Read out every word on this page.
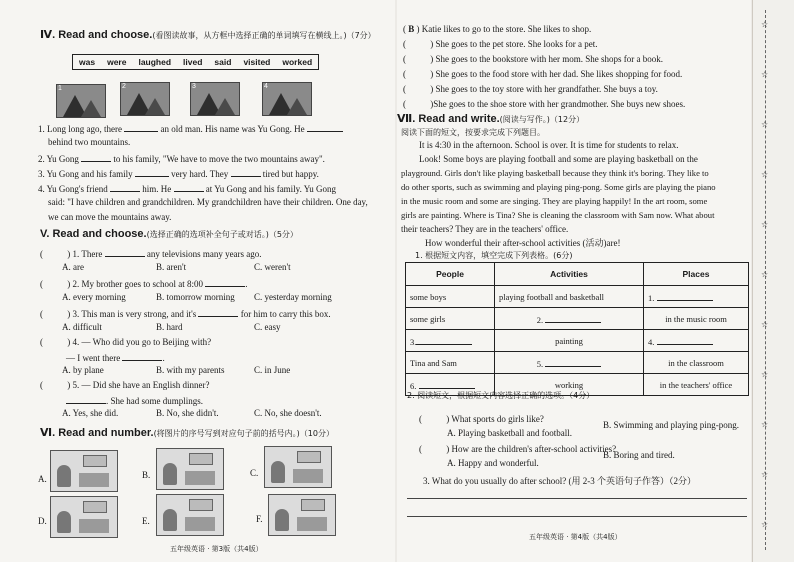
Ⅳ. Read and choose.(看图读故事，从方框中选择正确的单词填写在横线上。)（7分）
was	were	laughed	lived	said	visited	worked
1	2	3	4
1. Long long ago, there	an old man. His name was Yu Gong. He
behind two mountains.
2. Yu Gong	to his family, "We have to move the two mountains away".
3. Yu Gong and his family	very hard. They	tired but happy.
4. Yu Gong's friend	him. He	at Yu Gong and his family. Yu Gong
said: "I have children and grandchildren. My grandchildren have their children. One day,
we can move the mountains away.
V. Read and choose.(选择正确的选项补全句子或对话。)（5分）
( ) 1. There	any televisions many years ago.
A. are	B. aren't	C. weren't
( ) 2. My brother goes to school at 8:00	.
A. every morning	B. tomorrow morning C. yesterday morning
( ) 3. This man is very strong, and it's	for him to carry this box.
A. difficult	B. hard	C. easy
( ) 4. — Who did you go to Beijing with?
— I went there	.
A. by plane	B. with my parents	C. in June
( ) 5. — Did she have an English dinner?
. She had some dumplings.
A. Yes, she did.	B. No, she didn't.	C. No, she doesn't.
Ⅵ. Read and number.(将图片的序号写到对应句子前的括号内。)（10分）
A.	B.	C.
D.	E.	F.
五年级英语 · 第3版（共4版）
( B ) Katie likes to go to the store. She likes to shop.
( ) She goes to the pet store. She looks for a pet.
( ) She goes to the bookstore with her mom. She shops for a book.
( ) She goes to the food store with her dad. She likes shopping for food.
( ) She goes to the toy store with her grandfather. She buys a toy.
( )She goes to the shoe store with her grandmother. She buys new shoes.
Ⅶ. Read and write.(阅读与写作。)（12分）
阅读下面的短文，按要求完成下列题目。
It is 4:30 in the afternoon. School is over. It is time for students to relax.
Look! Some boys are playing football and some are playing basketball on the
playground. Girls don't like playing basketball because they think it's boring. They like to
do other sports, such as swimming and playing ping-pong. Some girls are playing the piano
in the music room and some are singing. They are playing happily! In the art room, some
girls are painting. Where is Tina? She is cleaning the classroom with Sam now. What about
their teachers? They are in the teachers' office.
How wonderful their after-school activities (活动)are!
1. 根据短文内容，填空完成下列表格。(6分)
People	Activities	Places
some boys	playing football and basketball	1.
some girls	2.	in the music room
3.	painting	4.
Tina and Sam	5.	in the classroom
6.	working	in the teachers' office
2. 阅读短文，根据短文内容选择正确的选项。（4分）
( ) What sports do girls like?
A. Playing basketball and football.
B. Swimming and playing ping-pong.
( ) How are the children's after-school activities?
A. Happy and wonderful.
B. Boring and tired.
3. What do you usually do after school? (用 2-3 个英语句子作答）（2分）
五年级英语 · 第4版（共4版）
☆
☆
☆
☆
☆
☆
☆
☆
☆
☆
☆
